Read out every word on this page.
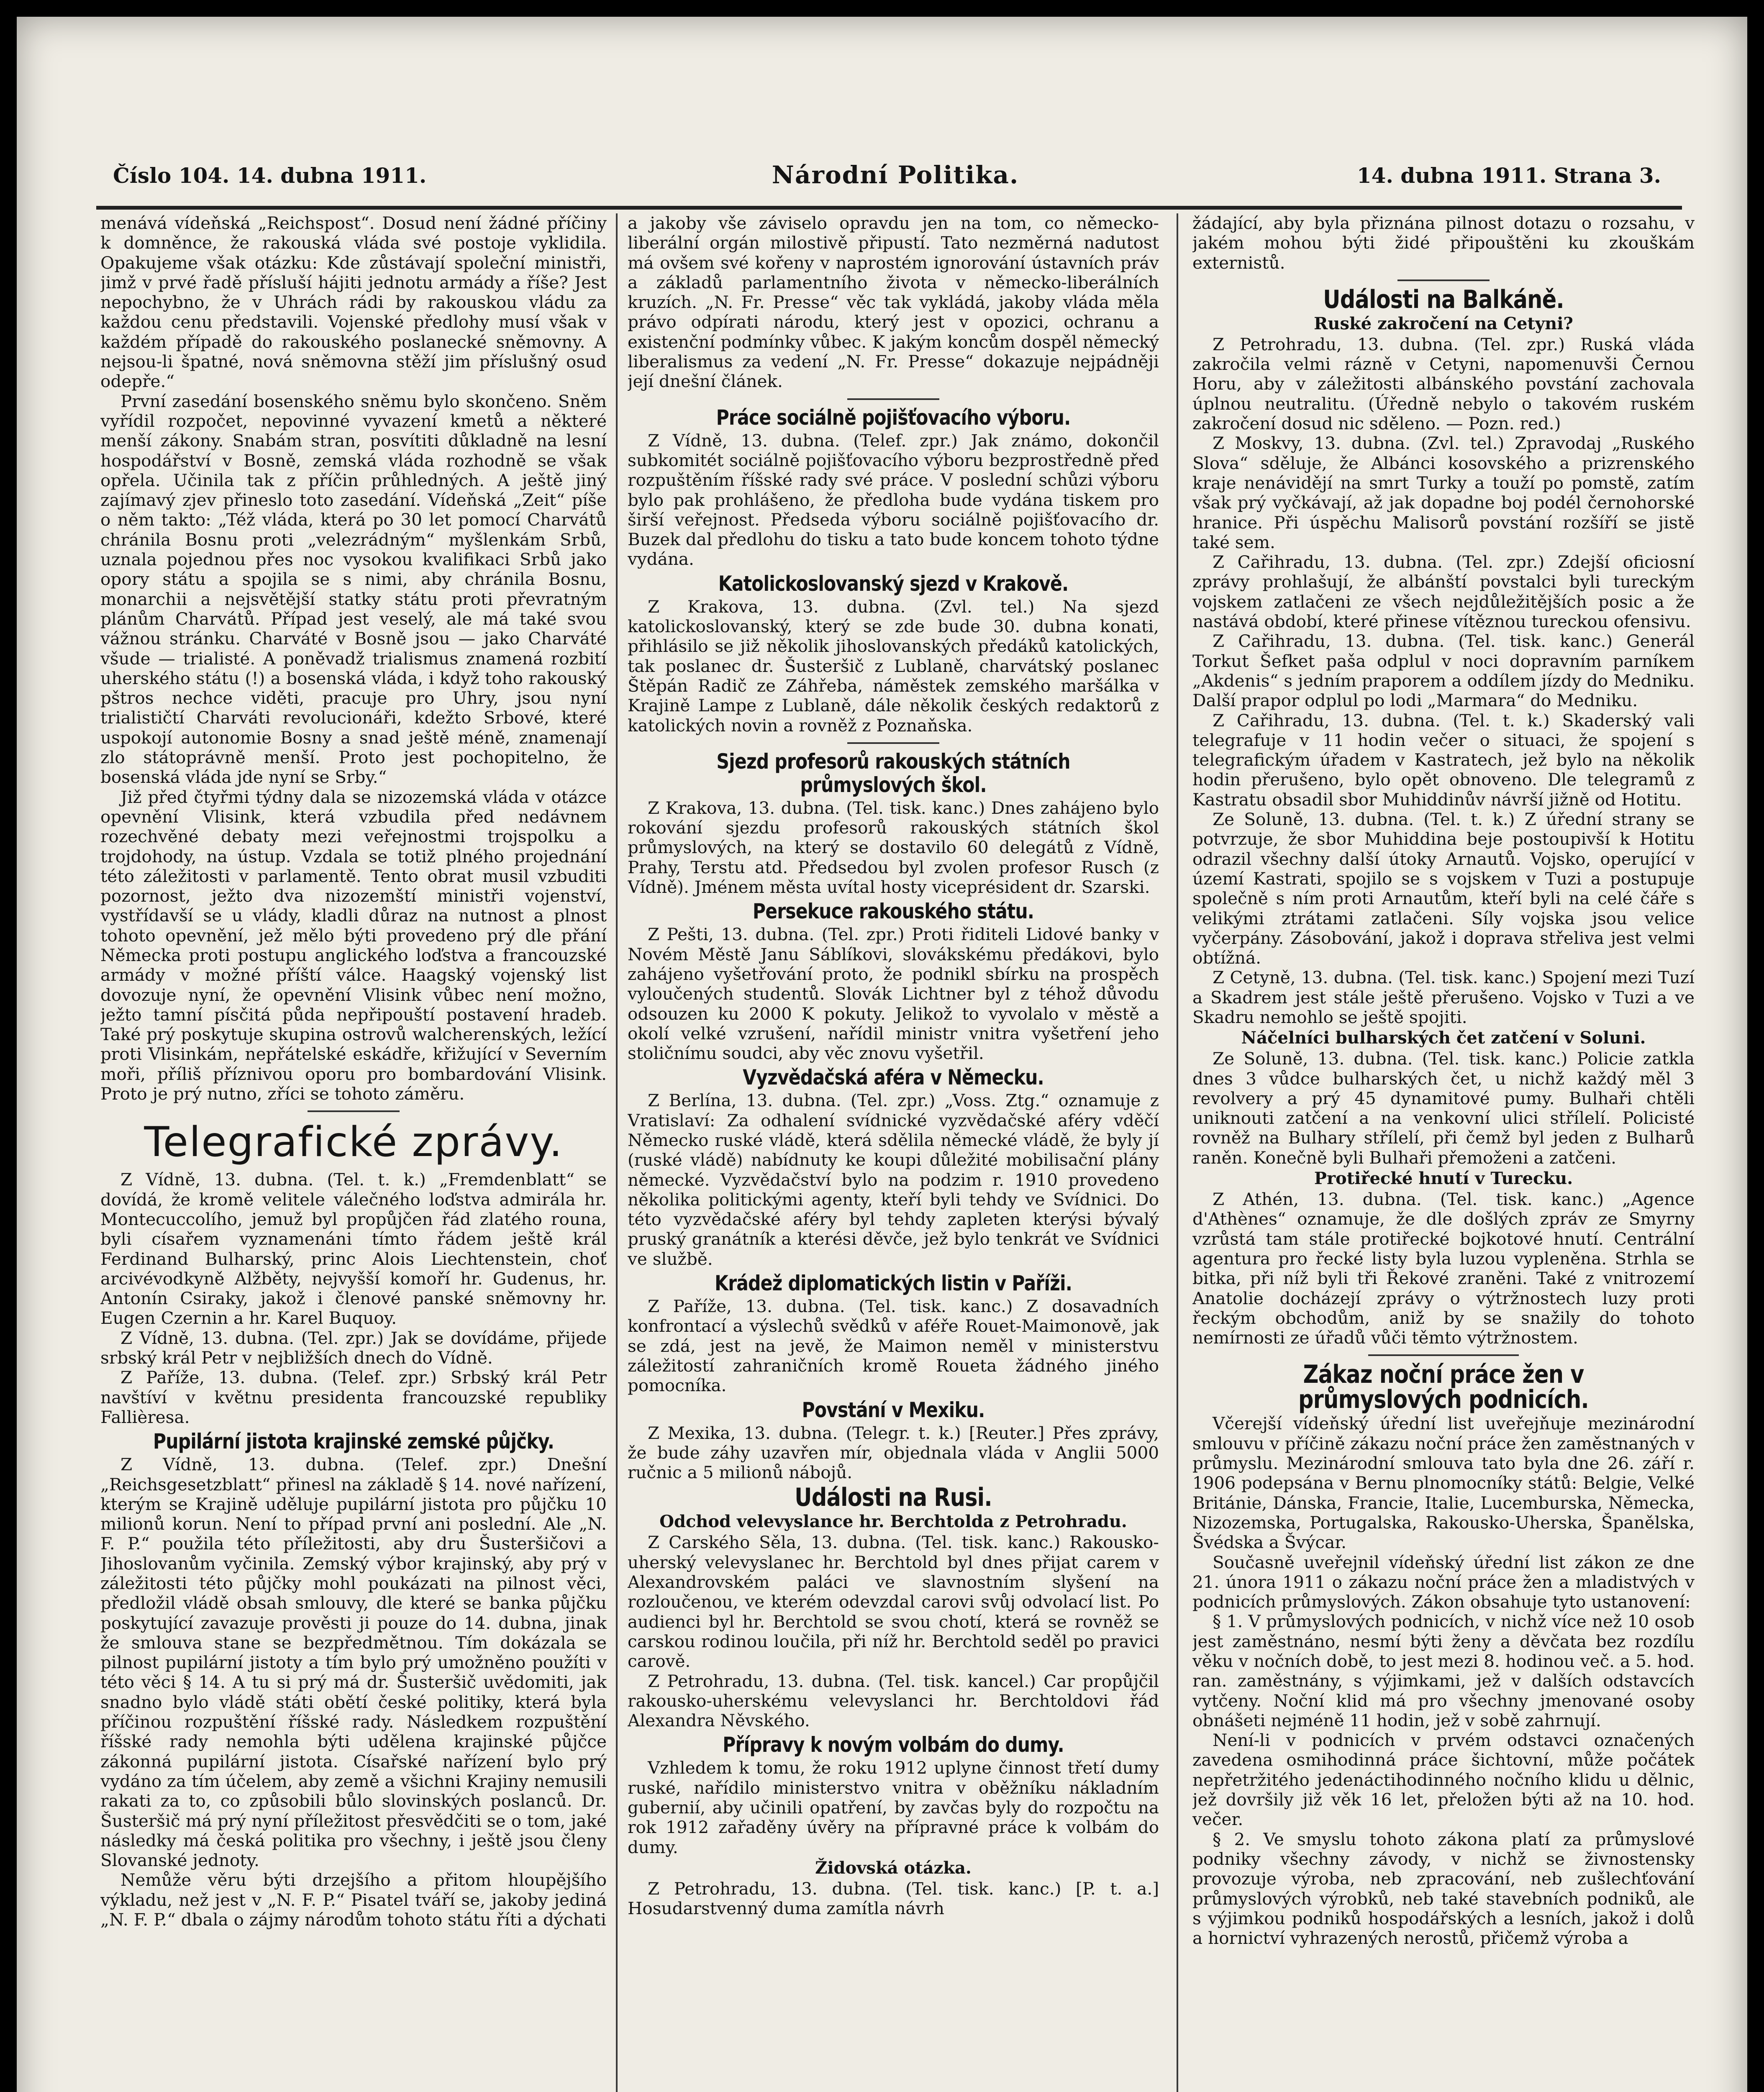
Číslo 104. 14. dubna 1911.	Národní Politika.	14. dubna 1911. Strana 3.

menává vídeňská „Reichspost“. Dosud není žádné příčiny k domněnce, že rakouská vláda své postoje vyklidila. Opakujeme však otázku: Kde zůstávají společní ministři, jimž v prvé řadě přísluší hájiti jednotu armády a říše? Jest nepochybno, že v Uhrách rádi by rakouskou vládu za každou cenu představili. Vojenské předlohy musí však v každém případě do rakouského poslanecké sněmovny. A nejsou-li špatné, nová sněmovna stěží jim příslušný osud odepře.“

První zasedání bosenského sněmu bylo skončeno. Sněm vyřídil rozpočet, nepovinné vyvazení kmetů a některé menší zákony. Snabám stran, posvítiti důkladně na lesní hospodářství v Bosně, zemská vláda rozhodně se však opřela. Učinila tak z příčin průhledných. A ještě jiný zajímavý zjev přineslo toto zasedání. Vídeňská „Zeit“ píše o něm takto: „Též vláda, která po 30 let pomocí Charvátů chránila Bosnu proti „velezrádným“ myšlenkám Srbů, uznala pojednou přes noc vysokou kvalifikaci Srbů jako opory státu a spojila se s nimi, aby chránila Bosnu, monarchii a nejsvětější statky státu proti převratným plánům Charvátů. Případ jest veselý, ale má také svou vážnou stránku. Charváté v Bosně jsou — jako Charváté všude — trialisté. A poněvadž trialismus znamená rozbití uherského státu (!) a bosenská vláda, i když toho rakouský pštros nechce viděti, pracuje pro Uhry, jsou nyní trialističtí Charváti revolucionáři, kdežto Srbové, které uspokojí autonomie Bosny a snad ještě méně, znamenají zlo státoprávně menší. Proto jest pochopitelno, že bosenská vláda jde nyní se Srby.“

Již před čtyřmi týdny dala se nizozemská vláda v otázce opevnění Vlisink, která vzbudila před nedávnem rozechvěné debaty mezi veřejnostmi trojspolku a trojdohody, na ústup. Vzdala se totiž plného projednání této záležitosti v parlamentě. Tento obrat musil vzbuditi pozornost, ježto dva nizozemští ministři vojenství, vystřídavší se u vlády, kladli důraz na nutnost a plnost tohoto opevnění, jež mělo býti provedeno prý dle přání Německa proti postupu anglického loďstva a francouzské armády v možné příští válce. Haagský vojenský list dovozuje nyní, že opevnění Vlisink vůbec není možno, ježto tamní písčitá půda nepřipouští postavení hradeb. Také prý poskytuje skupina ostrovů walcherenských, ležící proti Vlisinkám, nepřátelské eskádře, křižující v Severním moři, příliš příznivou oporu pro bombardování Vlisink. Proto je prý nutno, zříci se tohoto záměru.

Telegrafické zprávy.

Z Vídně, 13. dubna. (Tel. t. k.) „Fremdenblatt“ se dovídá, že kromě velitele válečného loďstva admirála hr. Montecuccolího, jemuž byl propůjčen řád zlatého rouna, byli císařem vyznamenáni tímto řádem ještě král Ferdinand Bulharský, princ Alois Liechtenstein, choť arcivévodkyně Alžběty, nejvyšší komoří hr. Gudenus, hr. Antonín Csiraky, jakož i členové panské sněmovny hr. Eugen Czernin a hr. Karel Buquoy.

Z Vídně, 13. dubna. (Tel. zpr.) Jak se dovídáme, přijede srbský král Petr v nejbližších dnech do Vídně.

Z Paříže, 13. dubna. (Telef. zpr.) Srbský král Petr navštíví v květnu presidenta francouzské republiky Fallièresa.

Pupilární jistota krajinské zemské půjčky.

Z Vídně, 13. dubna. (Telef. zpr.) Dnešní „Reichsgesetzblatt“ přinesl na základě § 14. nové nařízení, kterým se Krajině uděluje pupilární jistota pro půjčku 10 milionů korun. Není to případ první ani poslední. Ale „N. F. P.“ použila této příležitosti, aby dru Šusteršičovi a Jihoslovanům vyčinila. Zemský výbor krajinský, aby prý v záležitosti této půjčky mohl poukázati na pilnost věci, předložil vládě obsah smlouvy, dle které se banka půjčku poskytující zavazuje prověsti ji pouze do 14. dubna, jinak že smlouva stane se bezpředmětnou. Tím dokázala se pilnost pupilární jistoty a tím bylo prý umožněno použíti v této věci § 14. A tu si prý má dr. Šusteršič uvědomiti, jak snadno bylo vládě státi obětí české politiky, která byla příčinou rozpuštění říšské rady. Následkem rozpuštění říšské rady nemohla býti udělena krajinské půjčce zákonná pupilární jistota. Císařské nařízení bylo prý vydáno za tím účelem, aby země a všichni Krajiny nemusili rakati za to, co způsobili bůlo slovinských poslanců. Dr. Šusteršič má prý nyní příležitost přesvědčiti se o tom, jaké následky má česká politika pro všechny, i ještě jsou členy Slovanské jednoty.

Nemůže věru býti drzejšího a přitom hloupějšího výkladu, než jest v „N. F. P.“ Pisatel tváří se, jakoby jediná „N. F. P.“ dbala o zájmy národům tohoto státu říti a dýchati

a jakoby vše záviselo opravdu jen na tom, co německo-liberální orgán milostivě připustí. Tato nezměrná nadutost má ovšem své kořeny v naprostém ignorování ústavních práv a základů parlamentního života v německo-liberálních kruzích. „N. Fr. Presse“ věc tak vykládá, jakoby vláda měla právo odpírati národu, který jest v opozici, ochranu a existenční podmínky vůbec. K jakým koncům dospěl německý liberalismus za vedení „N. Fr. Presse“ dokazuje nejpádněji její dnešní článek.

Práce sociálně pojišťovacího výboru.

Z Vídně, 13. dubna. (Telef. zpr.) Jak známo, dokončil subkomitét sociálně pojišťovacího výboru bezprostředně před rozpuštěním říšské rady své práce. V poslední schůzi výboru bylo pak prohlášeno, že předloha bude vydána tiskem pro širší veřejnost. Předseda výboru sociálně pojišťovacího dr. Buzek dal předlohu do tisku a tato bude koncem tohoto týdne vydána.

Katolickoslovanský sjezd v Krakově.

Z Krakova, 13. dubna. (Zvl. tel.) Na sjezd katolickoslovanský, který se zde bude 30. dubna konati, přihlásilo se již několik jihoslovanských předáků katolických, tak poslanec dr. Šusteršič z Lublaně, charvátský poslanec Štěpán Radič ze Záhřeba, náměstek zemského maršálka v Krajině Lampe z Lublaně, dále několik českých redaktorů z katolických novin a rovněž z Poznaňska.

Sjezd profesorů rakouských státních průmyslových škol.

Z Krakova, 13. dubna. (Tel. tisk. kanc.) Dnes zahájeno bylo rokování sjezdu profesorů rakouských státních škol průmyslových, na který se dostavilo 60 delegátů z Vídně, Prahy, Terstu atd. Předsedou byl zvolen profesor Rusch (z Vídně). Jménem města uvítal hosty viceprésident dr. Szarski.

Persekuce rakouského státu.

Z Pešti, 13. dubna. (Tel. zpr.) Proti řiditeli Lidové banky v Novém Městě Janu Sáblíkovi, slovákskému předákovi, bylo zahájeno vyšetřování proto, že podnikl sbírku na prospěch vyloučených studentů. Slovák Lichtner byl z téhož důvodu odsouzen ku 2000 K pokuty. Jelikož to vyvolalo v městě a okolí velké vzrušení, nařídil ministr vnitra vyšetření jeho stoličnímu soudci, aby věc znovu vyšetřil.

Vyzvědačská aféra v Německu.

Z Berlína, 13. dubna. (Tel. zpr.) „Voss. Ztg.“ oznamuje z Vratislaví: Za odhalení svídnické vyzvědačské aféry vděčí Německo ruské vládě, která sdělila německé vládě, že byly jí (ruské vládě) nabídnuty ke koupi důležité mobilisační plány německé. Vyzvědačství bylo na podzim r. 1910 provedeno několika politickými agenty, kteří byli tehdy ve Svídnici. Do této vyzvědačské aféry byl tehdy zapleten kterýsi bývalý pruský granátník a kterési děvče, jež bylo tenkrát ve Svídnici ve službě.

Krádež diplomatických listin v Paříži.

Z Paříže, 13. dubna. (Tel. tisk. kanc.) Z dosavadních konfrontací a výslechů svědků v aféře Rouet-Maimonově, jak se zdá, jest na jevě, že Maimon neměl v ministerstvu záležitostí zahraničních kromě Roueta žádného jiného pomocníka.

Povstání v Mexiku.

Z Mexika, 13. dubna. (Telegr. t. k.) [Reuter.] Přes zprávy, že bude záhy uzavřen mír, objednala vláda v Anglii 5000 ručnic a 5 milionů nábojů.

Události na Rusi.
Odchod velevyslance hr. Berchtolda z Petrohradu.

Z Carského Sěla, 13. dubna. (Tel. tisk. kanc.) Rakousko-uherský velevyslanec hr. Berchtold byl dnes přijat carem v Alexandrovském paláci ve slavnostním slyšení na rozloučenou, ve kterém odevzdal carovi svůj odvolací list. Po audienci byl hr. Berchtold se svou chotí, která se rovněž se carskou rodinou loučila, při níž hr. Berchtold seděl po pravici carově.

Z Petrohradu, 13. dubna. (Tel. tisk. kancel.) Car propůjčil rakousko-uherskému velevyslanci hr. Berchtoldovi řád Alexandra Něvského.

Přípravy k novým volbám do dumy.

Vzhledem k tomu, že roku 1912 uplyne činnost třetí dumy ruské, nařídilo ministerstvo vnitra v oběžníku nákladním gubernií, aby učinili opatření, by zavčas byly do rozpočtu na rok 1912 zařaděny úvěry na přípravné práce k volbám do dumy.

Židovská otázka.

Z Petrohradu, 13. dubna. (Tel. tisk. kanc.) [P. t. a.] Hosudarstvenný duma zamítla návrh

žádající, aby byla přiznána pilnost dotazu o rozsahu, v jakém mohou býti židé připouštěni ku zkouškám externistů.

Události na Balkáně.
Ruské zakročení na Cetyni?

Z Petrohradu, 13. dubna. (Tel. zpr.) Ruská vláda zakročila velmi rázně v Cetyni, napomenuvši Černou Horu, aby v záležitosti albánského povstání zachovala úplnou neutralitu. (Úředně nebylo o takovém ruském zakročení dosud nic sděleno. — Pozn. red.)

Z Moskvy, 13. dubna. (Zvl. tel.) Zpravodaj „Ruského Slova“ sděluje, že Albánci kosovského a prizrenského kraje nenávidějí na smrt Turky a touží po pomstě, zatím však prý vyčkávají, až jak dopadne boj podél černohorské hranice. Při úspěchu Malisorů povstání rozšíří se jistě také sem.

Z Cařihradu, 13. dubna. (Tel. zpr.) Zdejší oficiosní zprávy prohlašují, že albánští povstalci byli tureckým vojskem zatlačeni ze všech nejdůležitějších posic a že nastává období, které přinese vítěznou tureckou ofensivu.

Z Cařihradu, 13. dubna. (Tel. tisk. kanc.) Generál Torkut Šefket paša odplul v noci dopravním parníkem „Akdenis“ s jedním praporem a oddílem jízdy do Medniku. Další prapor odplul po lodi „Marmara“ do Medniku.

Z Cařihradu, 13. dubna. (Tel. t. k.) Skaderský vali telegrafuje v 11 hodin večer o situaci, že spojení s telegrafickým úřadem v Kastratech, jež bylo na několik hodin přerušeno, bylo opět obnoveno. Dle telegramů z Kastratu obsadil sbor Muhiddinův návrší jižně od Hotitu.

Ze Soluně, 13. dubna. (Tel. t. k.) Z úřední strany se potvrzuje, že sbor Muhiddina beje postoupivší k Hotitu odrazil všechny další útoky Arnautů. Vojsko, operující v území Kastrati, spojilo se s vojskem v Tuzi a postupuje společně s ním proti Arnautům, kteří byli na celé čáře s velikými ztrátami zatlačeni. Síly vojska jsou velice vyčerpány. Zásobování, jakož i doprava střeliva jest velmi obtížná.

Z Cetyně, 13. dubna. (Tel. tisk. kanc.) Spojení mezi Tuzí a Skadrem jest stále ještě přerušeno. Vojsko v Tuzi a ve Skadru nemohlo se ještě spojiti.

Náčelníci bulharských čet zatčení v Soluni.

Ze Soluně, 13. dubna. (Tel. tisk. kanc.) Policie zatkla dnes 3 vůdce bulharských čet, u nichž každý měl 3 revolvery a prý 45 dynamitové pumy. Bulhaři chtěli uniknouti zatčení a na venkovní ulici střílelí. Policisté rovněž na Bulhary střílelí, při čemž byl jeden z Bulharů raněn. Konečně byli Bulhaři přemoženi a zatčeni.

Protiřecké hnutí v Turecku.

Z Athén, 13. dubna. (Tel. tisk. kanc.) „Agence d'Athènes“ oznamuje, že dle došlých zpráv ze Smyrny vzrůstá tam stále protiřecké bojkotové hnutí. Centrální agentura pro řecké listy byla luzou vypleněna. Strhla se bitka, při níž byli tři Řekové zraněni. Také z vnitrozemí Anatolie docházejí zprávy o výtržnostech luzy proti řeckým obchodům, aniž by se snažily do tohoto nemírnosti ze úřadů vůči těmto výtržnostem.

Zákaz noční práce žen v průmyslových podnicích.

Včerejší vídeňský úřední list uveřejňuje mezinárodní smlouvu v příčině zákazu noční práce žen zaměstnaných v průmyslu. Mezinárodní smlouva tato byla dne 26. září r. 1906 podepsána v Bernu plnomocníky států: Belgie, Velké Británie, Dánska, Francie, Italie, Lucemburska, Německa, Nizozemska, Portugalska, Rakousko-Uherska, Španělska, Švédska a Švýcar.

Současně uveřejnil vídeňský úřední list zákon ze dne 21. února 1911 o zákazu noční práce žen a mladistvých v podnicích průmyslových. Zákon obsahuje tyto ustanovení:

§ 1. V průmyslových podnicích, v nichž více než 10 osob jest zaměstnáno, nesmí býti ženy a děvčata bez rozdílu věku v nočních době, to jest mezi 8. hodinou več. a 5. hod. ran. zaměstnány, s výjimkami, jež v dalších odstavcích vytčeny. Noční klid má pro všechny jmenované osoby obnášeti nejméně 11 hodin, jež v sobě zahrnují.

Není-li v podnicích v prvém odstavci označených zavedena osmihodinná práce šichtovní, může počátek nepřetržitého jedenáctihodinného nočního klidu u dělnic, jež dovršily již věk 16 let, přeložen býti až na 10. hod. večer.

§ 2. Ve smyslu tohoto zákona platí za průmyslové podniky všechny závody, v nichž se živnostensky provozuje výroba, neb zpracování, neb zušlechťování průmyslových výrobků, neb také stavebních podniků, ale s výjimkou podniků hospodářských a lesních, jakož i dolů a hornictví vyhrazených nerostů, přičemž výroba a
